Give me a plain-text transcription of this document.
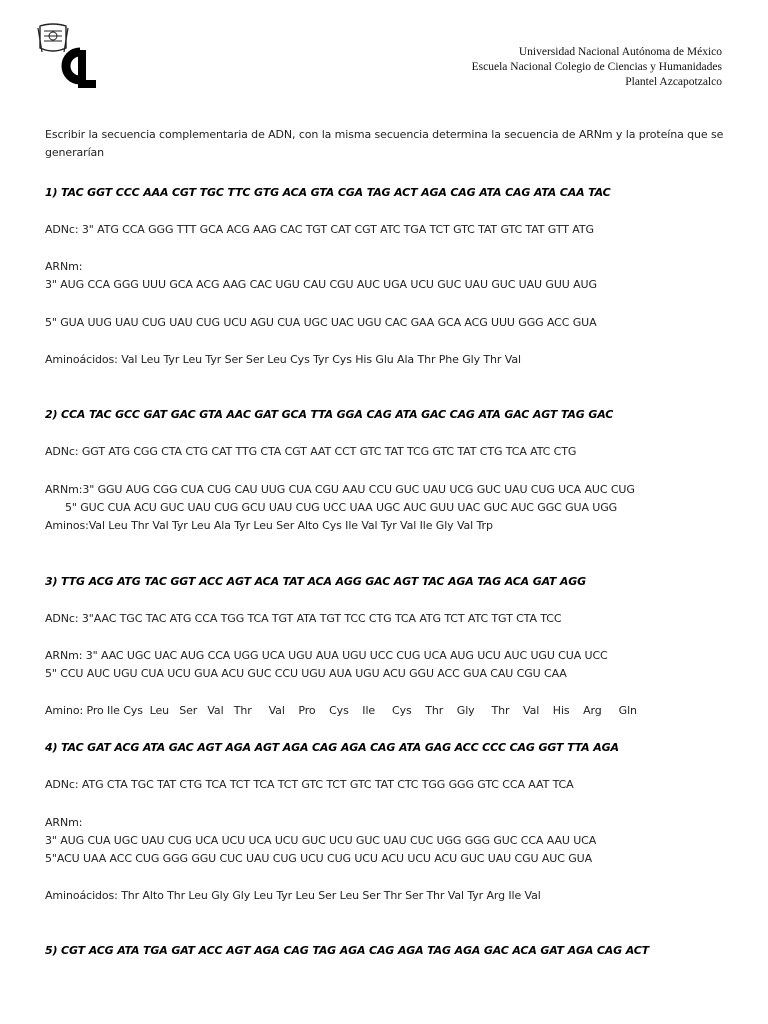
Universidad Nacional Autónoma de México
Escuela Nacional Colegio de Ciencias y Humanidades
Plantel Azcapotzalco
Escribir la secuencia complementaria de ADN, con la misma secuencia determina la secuencia de ARNm y la proteína que se generarían
1) TAC GGT CCC AAA CGT TGC TTC GTG ACA GTA CGA TAG ACT AGA CAG ATA CAG ATA CAA TAC
ADNc: 3" ATG CCA GGG TTT GCA ACG AAG CAC TGT CAT CGT ATC TGA TCT GTC TAT GTC TAT GTT ATG
ARNm:
3" AUG CCA GGG UUU GCA ACG AAG CAC UGU CAU CGU AUC UGA UCU GUC UAU GUC UAU GUU AUG
5" GUA UUG UAU CUG UAU CUG UCU AGU CUA UGC UAC UGU CAC GAA GCA ACG UUU GGG ACC GUA
Aminoácidos: Val Leu Tyr Leu Tyr Ser Ser Leu Cys Tyr Cys His Glu Ala Thr Phe Gly Thr Val
2) CCA TAC GCC GAT GAC GTA AAC GAT GCA TTA GGA CAG ATA GAC CAG ATA GAC AGT TAG GAC
ADNc: GGT ATG CGG CTA CTG CAT TTG CTA CGT AAT CCT GTC TAT TCG GTC TAT CTG TCA ATC CTG
ARNm:3" GGU AUG CGG CUA CUG CAU UUG CUA CGU AAU CCU GUC UAU UCG GUC UAU CUG UCA AUC CUG
5" GUC CUA ACU GUC UAU CUG GCU UAU CUG UCC UAA UGC AUC GUU UAC GUC AUC GGC GUA UGG
Aminos:Val Leu Thr Val Tyr Leu Ala Tyr Leu Ser Alto Cys Ile Val Tyr Val Ile Gly Val Trp
3) TTG ACG ATG TAC GGT ACC AGT ACA TAT ACA AGG GAC AGT TAC AGA TAG ACA GAT AGG
ADNc: 3"AAC TGC TAC ATG CCA TGG TCA TGT ATA TGT TCC CTG TCA ATG TCT ATC TGT CTA TCC
ARNm: 3" AAC UGC UAC AUG CCA UGG UCA UGU AUA UGU UCC CUG UCA AUG UCU AUC UGU CUA UCC
5" CCU AUC UGU CUA UCU GUA ACU GUC CCU UGU AUA UGU ACU GGU ACC GUA CAU CGU CAA
Amino: Pro Ile Cys  Leu   Ser   Val   Thr     Val    Pro    Cys    Ile     Cys    Thr    Gly     Thr    Val    His    Arg     Gln
4) TAC GAT ACG ATA GAC AGT AGA AGT AGA CAG AGA CAG ATA GAG ACC CCC CAG GGT TTA AGA
ADNc: ATG CTA TGC TAT CTG TCA TCT TCA TCT GTC TCT GTC TAT CTC TGG GGG GTC CCA AAT TCA
ARNm:
3" AUG CUA UGC UAU CUG UCA UCU UCA UCU GUC UCU GUC UAU CUC UGG GGG GUC CCA AAU UCA
5"ACU UAA ACC CUG GGG GGU CUC UAU CUG UCU CUG UCU ACU UCU ACU GUC UAU CGU AUC GUA
Aminoácidos: Thr Alto Thr Leu Gly Gly Leu Tyr Leu Ser Leu Ser Thr Ser Thr Val Tyr Arg Ile Val
5) CGT ACG ATA TGA GAT ACC AGT AGA CAG TAG AGA CAG AGA TAG AGA GAC ACA GAT AGA CAG ACT
